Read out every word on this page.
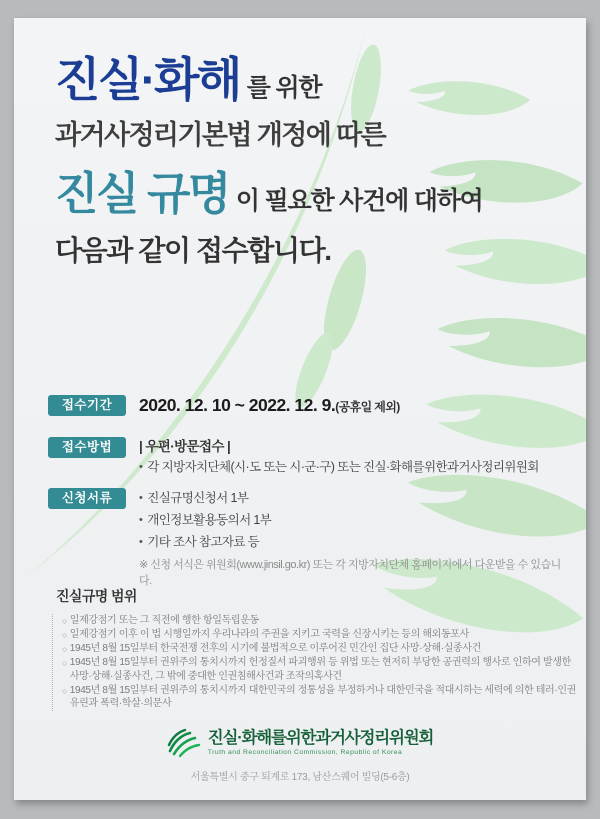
진실·화해 를 위한
과거사정리기본법 개정에 따른
진실 규명 이 필요한 사건에 대하여
다음과 같이 접수합니다.
접수기간	2020. 12. 10 ~ 2022. 12. 9. (공휴일 제외)
접수방법	| 우편·방문접수 |
• 각 지방자치단체(시·도 또는 시·군·구) 또는 진실·화해를위한과거사정리위원회
신청서류	• 진실규명신청서 1부
• 개인정보활용동의서 1부
• 기타 조사 참고자료 등
※ 신청 서식은 위원회(www.jinsil.go.kr) 또는 각 지방자치단체 홈페이지에서 다운받을 수 있습니다.
진실규명 범위
○ 일제강점기 또는 그 직전에 행한 항일독립운동
○ 일제강점기 이후 이 법 시행일까지 우리나라의 주권을 지키고 국력을 신장시키는 등의 해외동포사
○ 1945년 8월 15일부터 한국전쟁 전후의 시기에 불법적으로 이루어진 민간인 집단 사망·상해·실종사건
○ 1945년 8월 15일부터 권위주의 통치시까지 헌정질서 파괴행위 등 위법 또는 현저히 부당한 공권력의 행사로 인하여 발생한 사망·상해·실종사건, 그 밖에 중대한 인권침해사건과 조작의혹사건
○ 1945년 8월 15일부터 권위주의 통치시까지 대한민국의 정통성을 부정하거나 대한민국을 적대시하는 세력에 의한 테러·인권유린과 폭력·학살·의문사
진실·화해를위한과거사정리위원회
Truth and Reconciliation Commission, Republic of Korea
서울특별시 중구 퇴계로 173, 남산스퀘어 빌딩(5-6층)
